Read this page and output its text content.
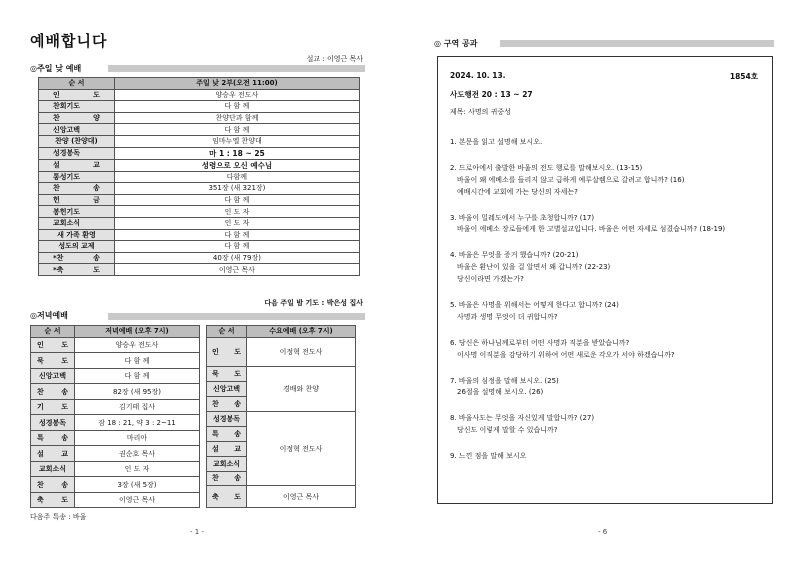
예배합니다
설교 : 이영근 목사
◎주일 낮 예배
순 서	주일 낮 2부(오전 11:00)
인 도	양승우 전도사
찬회기도	다 함 께
찬 양	찬양단과 함께
신앙고백	다 함 께
찬양 (찬양대)	임마누엘 찬양대
성경봉독	마 1 : 18 ~ 25
설 교	성령으로 오신 예수님
통성기도	다함께
찬 송	351장 (새 321장)
헌 금	다 함 께
봉헌기도	인 도 자
교회소식	인 도 자
새 가족 환영	다 함 께
성도의 교제	다 함 께
*찬 송	40장 (새 79장)
*축 도	이영근 목사
다음 주일 밤 기도 : 박은성 집사
◎저녁예배
순 서	저녁예배 (오후 7시)
인 도	양승우 전도사
묵 도	다 함 께
신앙고백	다 함 께
찬 송	82장 (새 95장)
기 도	김기태 집사
성경봉독	잠 18 : 21, 약 3 : 2~11
특 송	마리아
설 교	권순호 목사
교회소식	인 도 자
찬 송	3장 (새 5장)
축 도	이영근 목사
순 서	수요예배 (오후 7시)
인 도	이정혁 전도사
묵 도	경배와 찬양
신앙고백	
찬 송	
성경봉독	이정혁 전도사
특 송	
설 교	
교회소식	
찬 송	
축 도	이영근 목사
다음주 특송 : 바울
- 1 -
◎ 구역 공과
2024. 10. 13.	1854호
사도행전 20 : 13 ~ 27
제목: 사명의 귀중성
1. 본문을 읽고 설명해 보시오.
2. 드로아에서 출발한 바울의 전도 행로를 말해보시오. (13-15)
바울이 왜 에베소를 들리지 않고 급하게 예루살렘으로 갈려고 합니까? (16)
예배시간에 교회에 가는 당신의 자세는?
3. 바울이 밀레도에서 누구를 초청합니까? (17)
바울이 에베소 장로들에게 한 고별설교입니다. 바울은 어떤 자세로 섬겼습니까? (18-19)
4. 바울은 무엇을 증거 했습니까? (20-21)
바울은 환난이 있을 걸 알면서 왜 갑니까? (22-23)
당신이라면 가겠는가?
5. 바울은 사명을 위해서는 어떻게 한다고 합니까? (24)
사명과 생명 무엇이 더 귀합니까?
6. 당신은 하나님께로부터 어떤 사명과 직분을 받았습니까?
이사명 이직분을 감당하기 위하여 어떤 새로운 각오가 서야 하겠습니까?
7. 바울의 심정을 말해 보시오. (25)
26절을 설명해 보시오. (26)
8. 바울사도는 무엇을 자신있게 말합니까? (27)
당신도 이렇게 말할 수 있습니까?
9. 느낀 점을 말해 보시오
- 6
